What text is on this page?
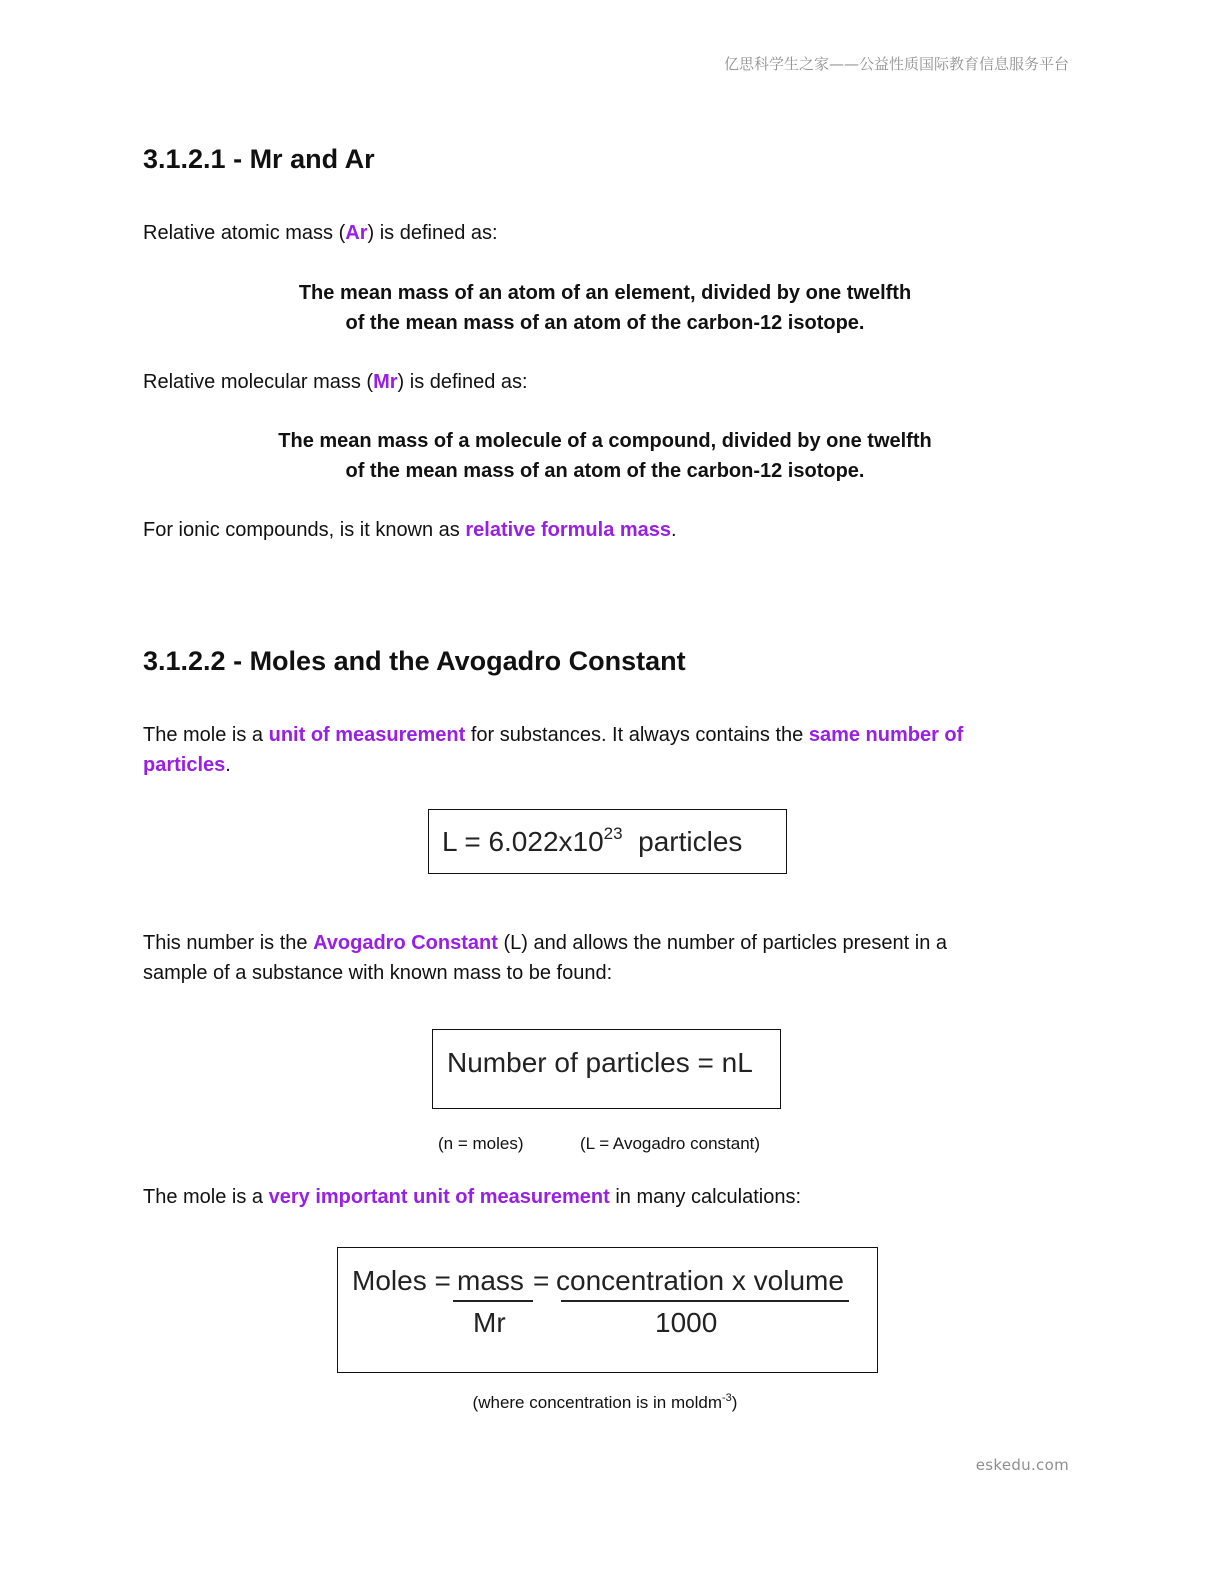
亿思科学生之家——公益性质国际教育信息服务平台
3.1.2.1 - Mr and Ar

Relative atomic mass (Ar) is defined as:

The mean mass of an atom of an element, divided by one twelfth
of the mean mass of an atom of the carbon-12 isotope.

Relative molecular mass (Mr) is defined as:

The mean mass of a molecule of a compound, divided by one twelfth
of the mean mass of an atom of the carbon-12 isotope.

For ionic compounds, is it known as relative formula mass.

3.1.2.2 - Moles and the Avogadro Constant

The mole is a unit of measurement for substances. It always contains the same number of
particles.

$L = 6.022x10^{23}$ particles

This number is the Avogadro Constant (L) and allows the number of particles present in a
sample of a substance with known mass to be found:

Number of particles = nL
(n = moles)	(L = Avogadro constant)

The mole is a very important unit of measurement in many calculations:

Moles = mass = concentration x volume
Mr	1000
(where concentration is in moldm$^{-3}$)
eskedu.com
